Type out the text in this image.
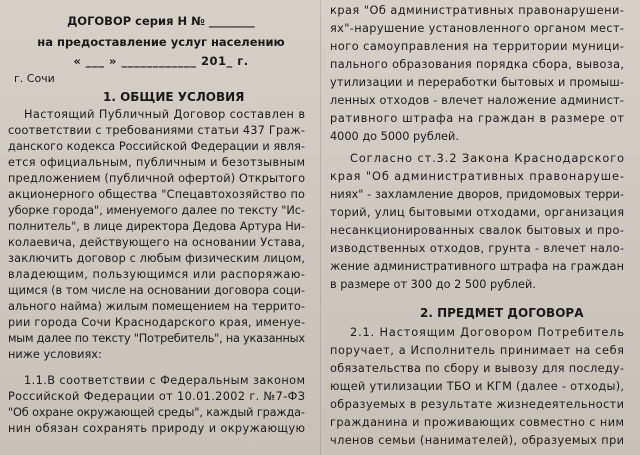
ДОГОВОР серия Н № ________
на предоставление услуг населению
« ___ » ____________ 201_ г.
г. Сочи
1. ОБЩИЕ УСЛОВИЯ
Настоящий Публичный Договор составлен в
соответствии с требованиями статьи 437 Граж-
данского кодекса Российской Федерации и явля-
ется официальным, публичным и безотзывным
предложением (публичной офертой) Открытого
акционерного общества "Спецавтохозяйство по
уборке города", именуемого далее по тексту "Ис-
полнитель", в лице директора Дедова Артура Ни-
колаевича, действующего на основании Устава,
заключить договор с любым физическим лицом,
владеющим, пользующимся или распоряжаю-
щимся (в том числе на основании договора соци-
ального найма) жилым помещением на террито-
рии города Сочи Краснодарского края, именуе-
мым далее по тексту "Потребитель", на указанных
ниже условиях:
1.1.В соответствии с Федеральным законом
Российской Федерации от 10.01.2002 г. №7-ФЗ
"Об охране окружающей среды", каждый гражда-
нин обязан сохранять природу и окружающую
края "Об административных правонарушени-
ях"-нарушение установленного органом мест-
ного самоуправления на территории муници-
пального образования порядка сбора, вывоза,
утилизации и переработки бытовых и промыш-
ленных отходов - влечет наложение админист-
ративного штрафа на граждан в размере от
4000 до 5000 рублей.
Согласно ст.3.2 Закона Краснодарского
края "Об административных правонаруше-
ниях" - захламление дворов, придомовых терри-
торий, улиц бытовыми отходами, организация
несанкционированных свалок бытовых и про-
изводственных отходов, грунта - влечет нало-
жение административного штрафа на граждан
в размере от 300 до 2 500 рублей.
2. ПРЕДМЕТ ДОГОВОРА
2.1. Настоящим Договором Потребитель
поручает, а Исполнитель принимает на себя
обязательства по сбору и вывозу для последу-
ющей утилизации ТБО и КГМ (далее - отходы),
образуемых в результате жизнедеятельности
гражданина и проживающих совместно с ним
членов семьи (нанимателей), образуемых при
